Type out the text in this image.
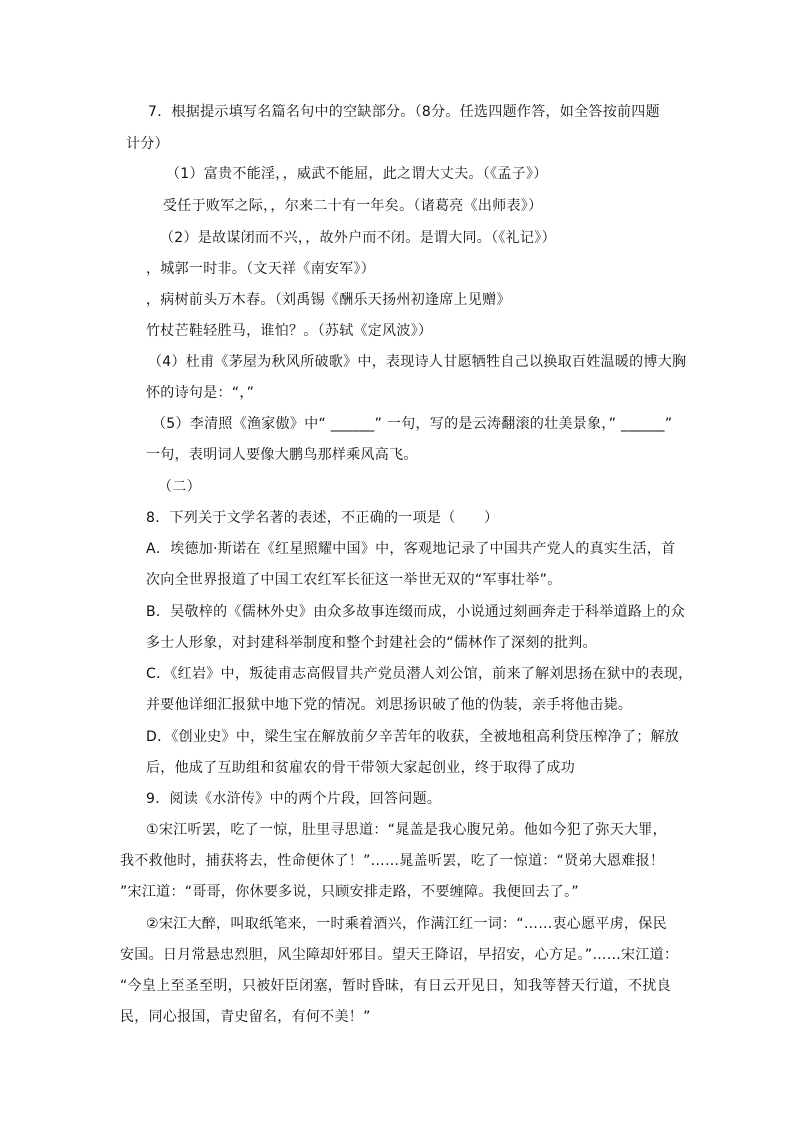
7．根据提示填写名篇名句中的空缺部分。（8分。任选四题作答，如全答按前四题
计分）
（1）富贵不能淫，，威武不能屈，此之谓大丈夫。（《孟子》）
受任于败军之际，，尔来二十有一年矣。（诸葛亮《出师表》）
（2）是故谋闭而不兴，，故外户而不闭。是谓大同。（《礼记》）
，城郭一时非。（文天祥《南安军》）
，病树前头万木春。（刘禹锡《酬乐天扬州初逢席上见赠》
竹杖芒鞋轻胜马，谁怕？。（苏轼《定风波》）
（4）杜甫《茅屋为秋风所破歌》中，表现诗人甘愿牺牲自己以换取百姓温暖的博大胸
怀的诗句是：“，”
（5）李清照《渔家傲》中“ ______” 一句，写的是云涛翻滚的壮美景象，” ______”
一句，表明词人要像大鹏鸟那样乘风高飞。
（二）
8．下列关于文学名著的表述，不正确的一项是（　　）
A．埃德加·斯诺在《红星照耀中国》中，客观地记录了中国共产党人的真实生活，首
次向全世界报道了中国工农红军长征这一举世无双的“军事壮举”。
B．吴敬梓的《儒林外史》由众多故事连缀而成，小说通过刻画奔走于科举道路上的众
多士人形象，对封建科举制度和整个封建社会的“儒林作了深刻的批判。
C．《红岩》中，叛徒甫志高假冒共产党员潜人刘公馆，前来了解刘思扬在狱中的表现，
并要他详细汇报狱中地下党的情况。刘思扬识破了他的伪装，亲手将他击毙。
D．《创业史》中，梁生宝在解放前夕辛苦年的收获，全被地租高利贷压榨净了；解放
后，他成了互助组和贫雇农的骨干带领大家起创业，终于取得了成功
9．阅读《水浒传》中的两个片段，回答问题。
①宋江听罢，吃了一惊，肚里寻思道：“晁盖是我心腹兄弟。他如今犯了弥天大罪，
我不救他时，捕获将去，性命便休了！”……晁盖听罢，吃了一惊道：“贤弟大恩难报！
”宋江道：“哥哥，你休要多说，只顾安排走路，不要缠障。我便回去了。”
②宋江大醉，叫取纸笔来，一时乘着酒兴，作满江红一词：“……衷心愿平虏，保民
安国。日月常悬忠烈胆，风尘障却奸邪目。望天王降诏，早招安，心方足。”……宋江道：
“今皇上至圣至明，只被奸臣闭塞，暂时昏昧，有日云开见日，知我等替天行道，不扰良
民，同心报国，青史留名，有何不美！”
